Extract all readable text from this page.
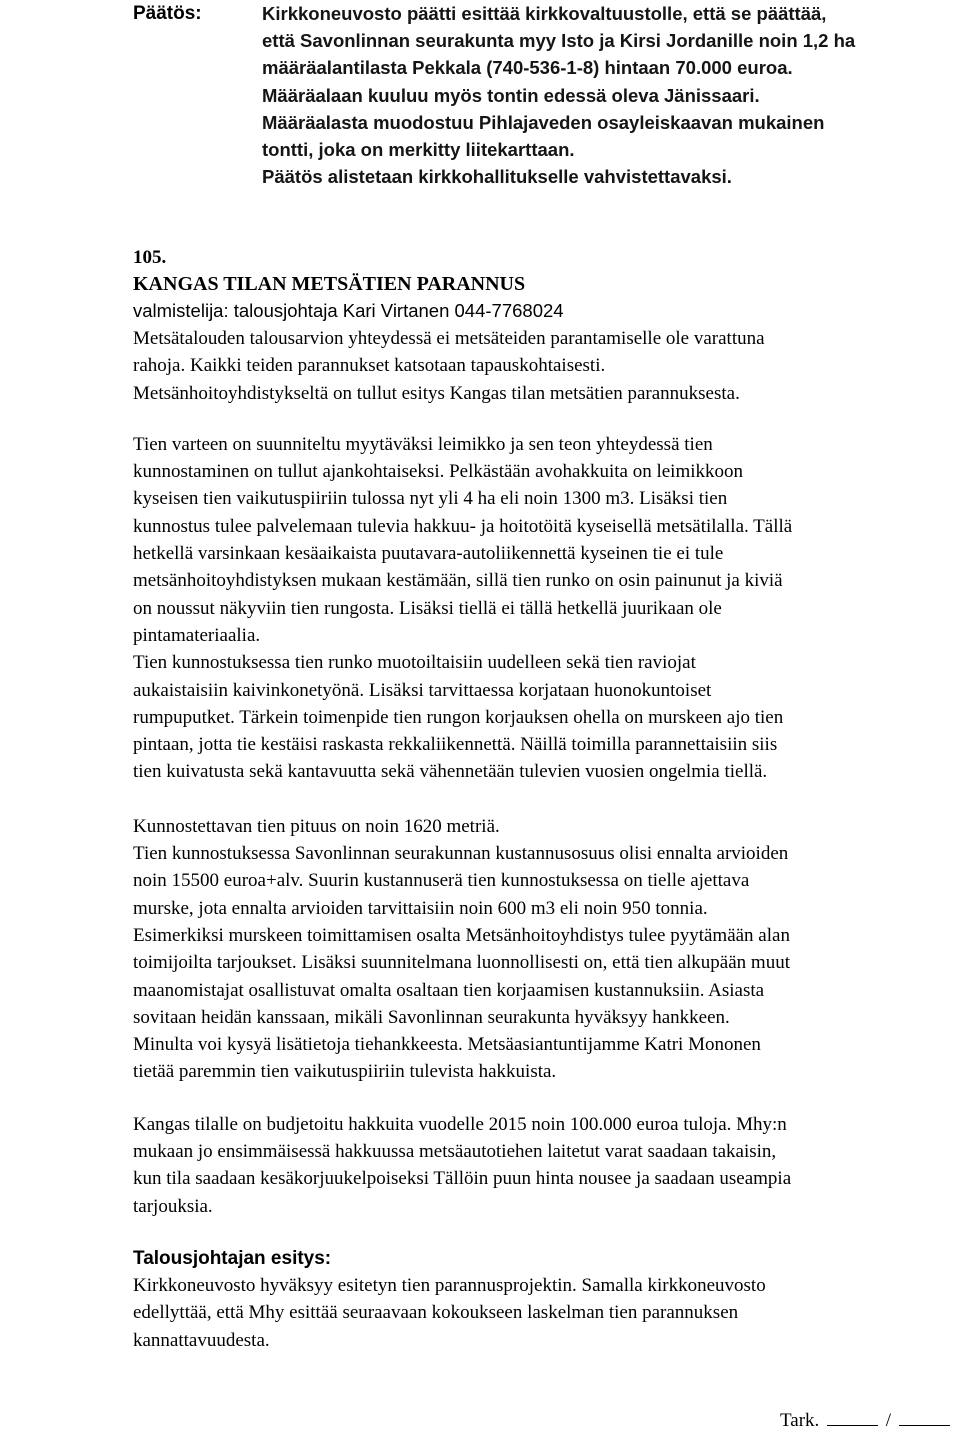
Päätös:	Kirkkoneuvosto päätti esittää kirkkovaltuustolle, että se päättää,
että Savonlinnan seurakunta myy Isto ja Kirsi Jordanille noin 1,2 ha
määräalantilasta Pekkala (740-536-1-8) hintaan 70.000 euroa.
Määräalaan kuuluu myös tontin edessä oleva Jänissaari.
Määräalasta muodostuu Pihlajaveden osayleiskaavan mukainen
tontti, joka on merkitty liitekarttaan.
Päätös alistetaan kirkkohallitukselle vahvistettavaksi.
105.
KANGAS TILAN METSÄTIEN PARANNUS
valmistelija: talousjohtaja Kari Virtanen 044-7768024
Metsätalouden talousarvion yhteydessä ei metsäteiden parantamiselle ole varattuna
rahoja. Kaikki teiden parannukset katsotaan tapauskohtaisesti.
Metsänhoitoyhdistykseltä on tullut esitys Kangas tilan metsätien parannuksesta.
Tien varteen on suunniteltu myytäväksi leimikko ja sen teon yhteydessä tien
kunnostaminen on tullut ajankohtaiseksi. Pelkästään avohakkuita on leimikkoon
kyseisen tien vaikutuspiiriin tulossa nyt yli 4 ha eli noin 1300 m3. Lisäksi tien
kunnostus tulee palvelemaan tulevia hakkuu- ja hoitotöitä kyseisellä metsätilalla. Tällä
hetkellä varsinkaan kesäaikaista puutavara-autoliikennettä kyseinen tie ei tule
metsänhoitoyhdistyksen mukaan kestämään, sillä tien runko on osin painunut ja kiviä
on noussut näkyviin tien rungosta. Lisäksi tiellä ei tällä hetkellä juurikaan ole
pintamateriaalia.
Tien kunnostuksessa tien runko muotoiltaisiin uudelleen sekä tien raviojat
aukaistaisiin kaivinkonetyönä. Lisäksi tarvittaessa korjataan huonokuntoiset
rumpuputket. Tärkein toimenpide tien rungon korjauksen ohella on murskeen ajo tien
pintaan, jotta tie kestäisi raskasta rekkaliikennettä. Näillä toimilla parannettaisiin siis
tien kuivatusta sekä kantavuutta sekä vähennetään tulevien vuosien ongelmia tiellä.
Kunnostettavan tien pituus on noin 1620 metriä.
Tien kunnostuksessa Savonlinnan seurakunnan kustannusosuus olisi ennalta arvioiden
noin 15500 euroa+alv. Suurin kustannuserä tien kunnostuksessa on tielle ajettava
murske, jota ennalta arvioiden tarvittaisiin noin 600 m3 eli noin 950 tonnia.
Esimerkiksi murskeen toimittamisen osalta Metsänhoitoyhdistys tulee pyytämään alan
toimijoilta tarjoukset. Lisäksi suunnitelmana luonnollisesti on, että tien alkupään muut
maanomistajat osallistuvat omalta osaltaan tien korjaamisen kustannuksiin. Asiasta
sovitaan heidän kanssaan, mikäli Savonlinnan seurakunta hyväksyy hankkeen.
Minulta voi kysyä lisätietoja tiehankkeesta. Metsäasiantuntijamme Katri Mononen
tietää paremmin tien vaikutuspiiriin tulevista hakkuista.
Kangas tilalle on budjetoitu hakkuita vuodelle 2015 noin 100.000 euroa tuloja. Mhy:n
mukaan jo ensimmäisessä hakkuussa metsäautotiehen laitetut varat saadaan takaisin,
kun tila saadaan kesäkorjuukelpoiseksi Tällöin puun hinta nousee ja saadaan useampia
tarjouksia.
Talousjohtajan esitys:
Kirkkoneuvosto hyväksyy esitetyn tien parannusprojektin. Samalla kirkkoneuvosto
edellyttää, että Mhy esittää seuraavaan kokoukseen laskelman tien parannuksen
kannattavuudesta.
Tark.	/
